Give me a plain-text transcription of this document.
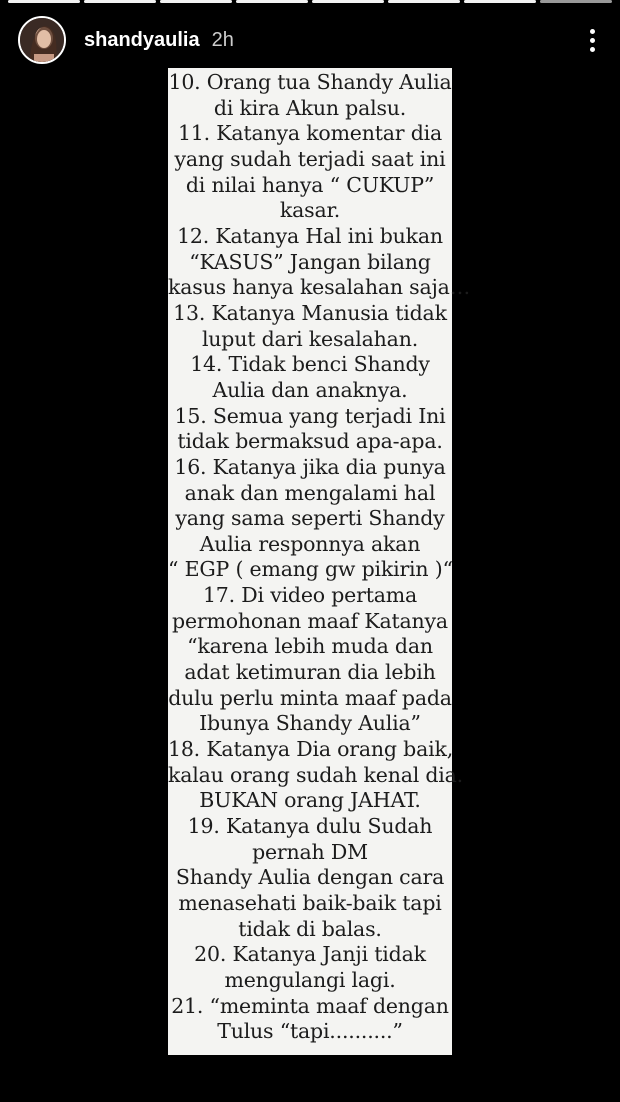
shandyaulia 2h
10. Orang tua Shandy Aulia
di kira Akun palsu.
11. Katanya komentar dia
yang sudah terjadi saat ini
di nilai hanya “ CUKUP”
kasar.
12. Katanya Hal ini bukan
“KASUS” Jangan bilang
kasus hanya kesalahan saja…
13. Katanya Manusia tidak
luput dari kesalahan.
14. Tidak benci Shandy
Aulia dan anaknya.
15. Semua yang terjadi Ini
tidak bermaksud apa-apa.
16. Katanya jika dia punya
anak dan mengalami hal
yang sama seperti Shandy
Aulia responnya akan
“ EGP ( emang gw pikirin )“
17. Di video pertama
permohonan maaf Katanya
“karena lebih muda dan
adat ketimuran dia lebih
dulu perlu minta maaf pada
Ibunya Shandy Aulia”
18. Katanya Dia orang baik,
kalau orang sudah kenal dia.
BUKAN orang JAHAT.
19. Katanya dulu Sudah
pernah DM
Shandy Aulia dengan cara
menasehati baik-baik tapi
tidak di balas.
20. Katanya Janji tidak
mengulangi lagi.
21. “meminta maaf dengan
Tulus “tapi..........”
